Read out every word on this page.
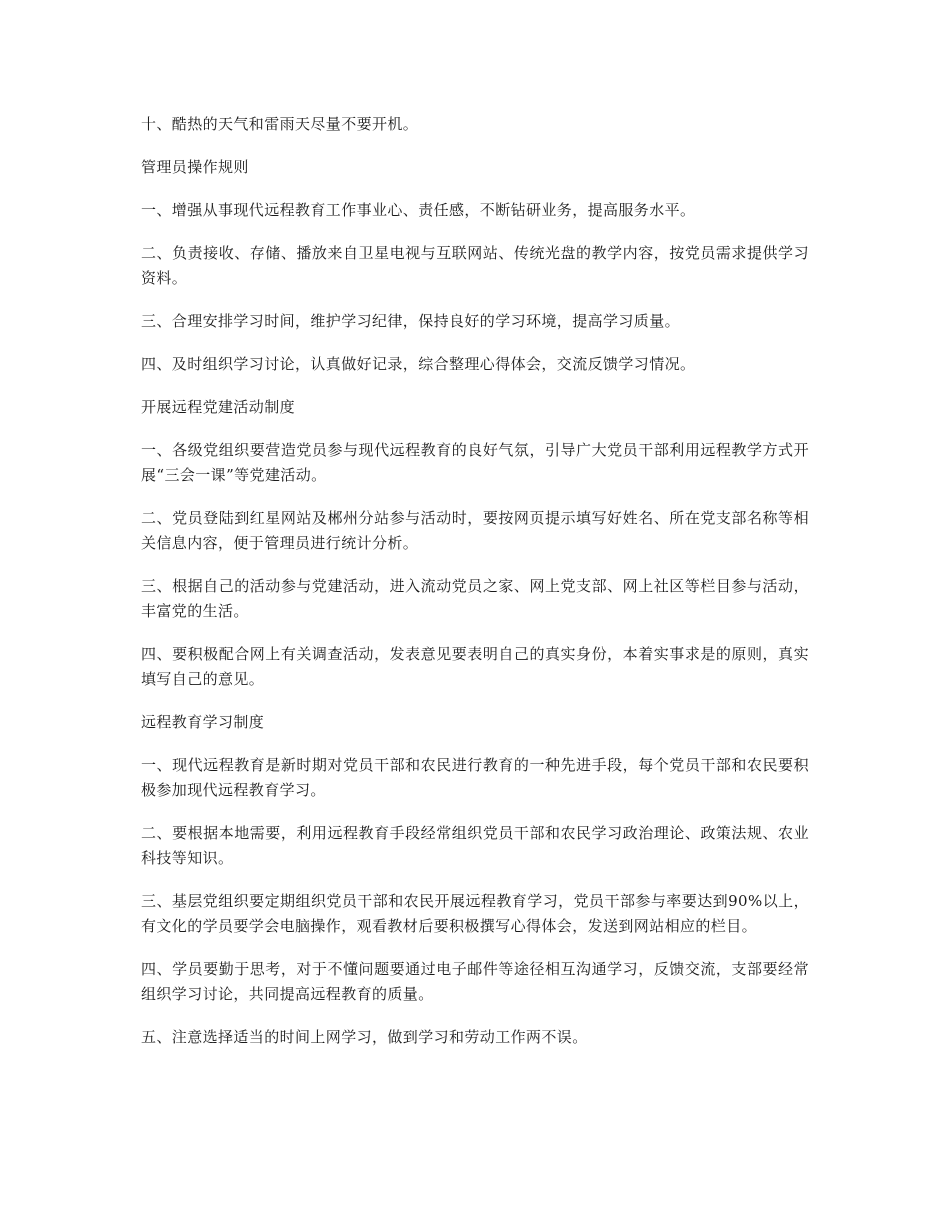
十、酷热的天气和雷雨天尽量不要开机。

管理员操作规则

一、增强从事现代远程教育工作事业心、责任感，不断钻研业务，提高服务水平。

二、负责接收、存储、播放来自卫星电视与互联网站、传统光盘的教学内容，按党员需求提供学习资料。

三、合理安排学习时间，维护学习纪律，保持良好的学习环境，提高学习质量。

四、及时组织学习讨论，认真做好记录，综合整理心得体会，交流反馈学习情况。

开展远程党建活动制度

一、各级党组织要营造党员参与现代远程教育的良好气氛，引导广大党员干部利用远程教学方式开展“三会一课”等党建活动。

二、党员登陆到红星网站及郴州分站参与活动时，要按网页提示填写好姓名、所在党支部名称等相关信息内容，便于管理员进行统计分析。

三、根据自己的活动参与党建活动，进入流动党员之家、网上党支部、网上社区等栏目参与活动，丰富党的生活。

四、要积极配合网上有关调查活动，发表意见要表明自己的真实身份，本着实事求是的原则，真实填写自己的意见。

远程教育学习制度

一、现代远程教育是新时期对党员干部和农民进行教育的一种先进手段，每个党员干部和农民要积极参加现代远程教育学习。

二、要根据本地需要，利用远程教育手段经常组织党员干部和农民学习政治理论、政策法规、农业科技等知识。

三、基层党组织要定期组织党员干部和农民开展远程教育学习，党员干部参与率要达到90%以上，有文化的学员要学会电脑操作，观看教材后要积极撰写心得体会，发送到网站相应的栏目。

四、学员要勤于思考，对于不懂问题要通过电子邮件等途径相互沟通学习，反馈交流，支部要经常组织学习讨论，共同提高远程教育的质量。

五、注意选择适当的时间上网学习，做到学习和劳动工作两不误。
